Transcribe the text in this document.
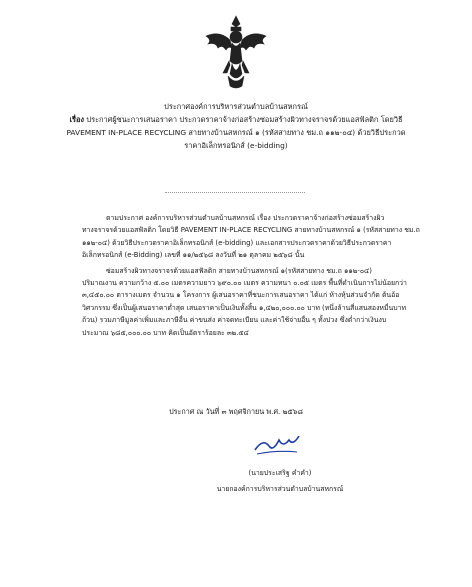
ประกาศองค์การบริหารส่วนตำบลบ้านสหกรณ์
เรื่อง ประกาศผู้ชนะการเสนอราคา ประกวดราคาจ้างก่อสร้างซ่อมสร้างผิวทางจราจรด้วยแอสฟัลติก โดยวิธี
PAVEMENT IN-PLACE RECYCLING สายทางบ้านสหกรณ์ ๑ (รหัสสายทาง ชม.ถ ๑๑๒-๐๔) ด้วยวิธีประกวด
ราคาอิเล็กทรอนิกส์ (e-bidding)
ตามประกาศ องค์การบริหารส่วนตำบลบ้านสหกรณ์ เรื่อง ประกวดราคาจ้างก่อสร้างซ่อมสร้างผิว
ทางจราจรด้วยแอสฟัลติก โดยวิธี PAVEMENT IN-PLACE RECYCLING สายทางบ้านสหกรณ์ ๑ (รหัสสายทาง ชม.ถ
๑๑๒-๐๔) ด้วยวิธีประกวดราคาอิเล็กทรอนิกส์ (e-bidding) และเอกสารประกวดราคาด้วยวิธีประกวดราคา
อิเล็กทรอนิกส์ (e-Bidding) เลขที่ ๑๑/๒๕๖๘ ลงวันที่ ๒๑ ตุลาคม ๒๕๖๘ นั้น
ซ่อมสร้างผิวทางจราจรด้วยแอสฟัลติก สายทางบ้านสหกรณ์ ๑(รหัสสายทาง ชม.ถ ๑๑๒-๐๔)
ปริมาณงาน ความกว้าง ๕.๐๐ เมตรความยาว ๖๙๐.๐๐ เมตร ความหนา ๐.๐๕ เมตร พื้นที่ดำเนินการไม่น้อยกว่า
๓,๔๕๐.๐๐ ตารางเมตร จำนวน ๑ โครงการ ผู้เสนอราคาที่ชนะการเสนอราคา ได้แก่ ห้างหุ้นส่วนจำกัด ต้นอ้อ
วิศวกรรม ซึ่งเป็นผู้เสนอราคาต่ำสุด เสนอราคาเป็นเงินทั้งสิ้น ๑,๔๒๐,๐๐๐.๐๐ บาท (หนึ่งล้านสี่แสนสองหมื่นบาท
ถ้วน) รวมภาษีมูลค่าเพิ่มและภาษีอื่น ค่าขนส่ง ค่าจดทะเบียน และค่าใช้จ่ายอื่น ๆ ทั้งปวง ซึ่งต่ำกว่าเงินงบ
ประมาณ ๖๘๕,๐๐๐.๐๐ บาท คิดเป็นอัตราร้อยละ ๓๒.๕๔
ประกาศ ณ วันที่ ๓ พฤศจิกายน พ.ศ. ๒๕๖๘
(นายประเสริฐ คำคำ)
นายกองค์การบริหารส่วนตำบลบ้านสหกรณ์
